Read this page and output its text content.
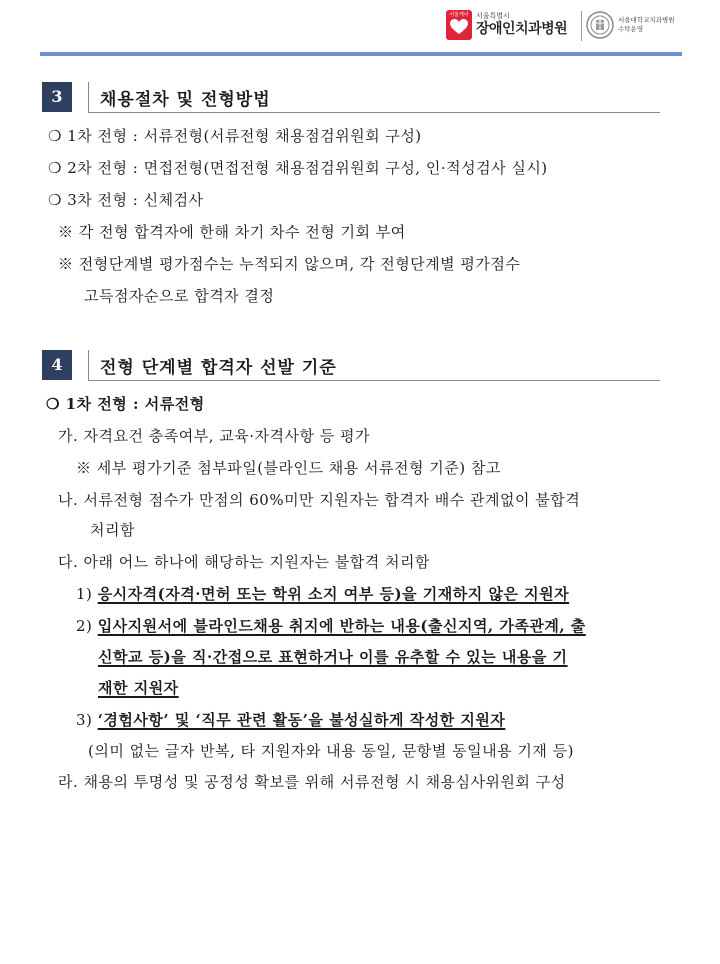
서울케어	서울특별시
장애인치과병원
서울대학교치과병원
수탁운영
3	채용절차 및 전형방법
❍ 1차 전형 : 서류전형(서류전형 채용점검위원회 구성)
❍ 2차 전형 : 면접전형(면접전형 채용점검위원회 구성, 인·적성검사 실시)
❍ 3차 전형 : 신체검사
※ 각 전형 합격자에 한해 차기 차수 전형 기회 부여
※ 전형단계별 평가점수는 누적되지 않으며, 각 전형단계별 평가점수
고득점자순으로 합격자 결정
4	전형 단계별 합격자 선발 기준
❍ 1차 전형 : 서류전형
가. 자격요건 충족여부, 교육·자격사항 등 평가
※ 세부 평가기준 첨부파일(블라인드 채용 서류전형 기준) 참고
나. 서류전형 점수가 만점의 60%미만 지원자는 합격자 배수 관계없이 불합격
처리함
다. 아래 어느 하나에 해당하는 지원자는 불합격 처리함
1) 응시자격(자격·면허 또는 학위 소지 여부 등)을 기재하지 않은 지원자
2) 입사지원서에 블라인드채용 취지에 반하는 내용(출신지역, 가족관계, 출
신학교 등)을 직·간접으로 표현하거나 이를 유추할 수 있는 내용을 기
재한 지원자
3) ‘경험사항’ 및 ‘직무 관련 활동’을 불성실하게 작성한 지원자
(의미 없는 글자 반복, 타 지원자와 내용 동일, 문항별 동일내용 기재 등)
라. 채용의 투명성 및 공정성 확보를 위해 서류전형 시 채용심사위원회 구성
